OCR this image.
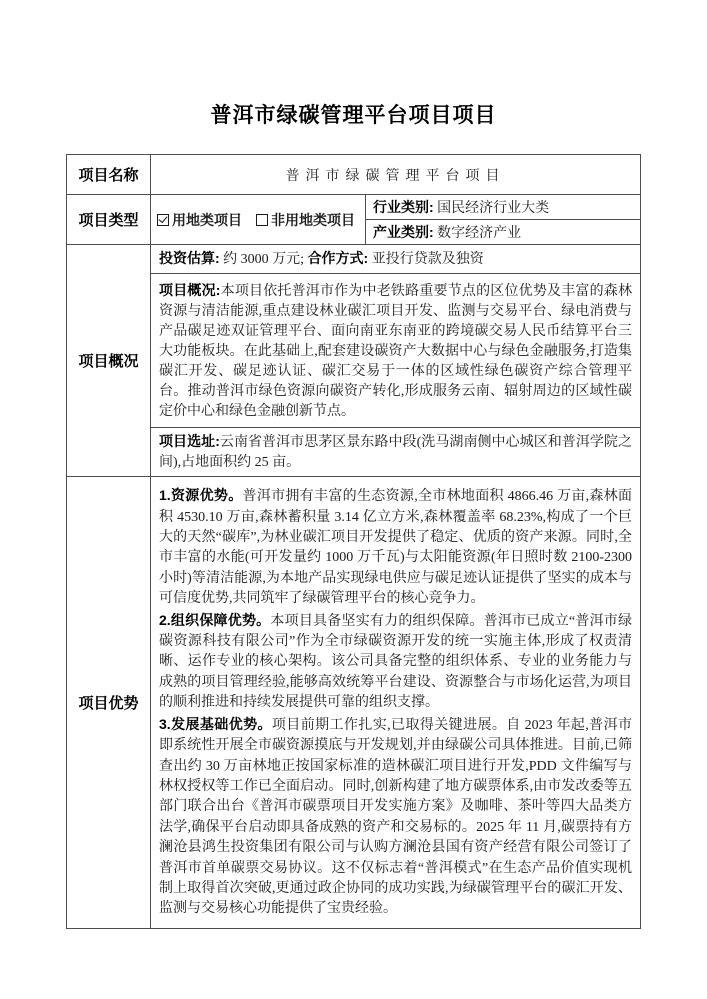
普洱市绿碳管理平台项目项目
项目名称	普洱市绿碳管理平台项目	
项目类型	用地类项目 非用地类项目	行业类别: 国民经济行业大类
		产业类别: 数字经济产业
项目概况	投资估算: 约 3000 万元; 合作方式: 亚投行贷款及独资	
	项目概况:本项目依托普洱市作为中老铁路重要节点的区位优势及丰富的森林资源与清洁能源,重点建设林业碳汇项目开发、监测与交易平台、绿电消费与产品碳足迹双证管理平台、面向南亚东南亚的跨境碳交易人民币结算平台三大功能板块。在此基础上,配套建设碳资产大数据中心与绿色金融服务,打造集碳汇开发、碳足迹认证、碳汇交易于一体的区域性绿色碳资产综合管理平台。推动普洱市绿色资源向碳资产转化,形成服务云南、辐射周边的区域性碳定价中心和绿色金融创新节点。	
	项目选址:云南省普洱市思茅区景东路中段(洗马湖南侧中心城区和普洱学院之间),占地面积约 25 亩。	
项目优势	1.资源优势。普洱市拥有丰富的生态资源,全市林地面积 4866.46 万亩,森林面积 4530.10 万亩,森林蓄积量 3.14 亿立方米,森林覆盖率 68.23%,构成了一个巨大的天然“碳库”,为林业碳汇项目开发提供了稳定、优质的资产来源。同时,全市丰富的水能(可开发量约 1000 万千瓦)与太阳能资源(年日照时数 2100-2300 小时)等清洁能源,为本地产品实现绿电供应与碳足迹认证提供了坚实的成本与可信度优势,共同筑牢了绿碳管理平台的核心竞争力。

2.组织保障优势。本项目具备坚实有力的组织保障。普洱市已成立“普洱市绿碳资源科技有限公司”作为全市绿碳资源开发的统一实施主体,形成了权责清晰、运作专业的核心架构。该公司具备完整的组织体系、专业的业务能力与成熟的项目管理经验,能够高效统筹平台建设、资源整合与市场化运营,为项目的顺利推进和持续发展提供可靠的组织支撑。

3.发展基础优势。项目前期工作扎实,已取得关键进展。自 2023 年起,普洱市即系统性开展全市碳资源摸底与开发规划,并由绿碳公司具体推进。目前,已筛查出约 30 万亩林地正按国家标准的造林碳汇项目进行开发,PDD 文件编写与林权授权等工作已全面启动。同时,创新构建了地方碳票体系,由市发改委等五部门联合出台《普洱市碳票项目开发实施方案》及咖啡、茶叶等四大品类方法学,确保平台启动即具备成熟的资产和交易标的。2025 年 11 月,碳票持有方澜沧县鸿生投资集团有限公司与认购方澜沧县国有资产经营有限公司签订了普洱市首单碳票交易协议。这不仅标志着“普洱模式”在生态产品价值实现机制上取得首次突破,更通过政企协同的成功实践,为绿碳管理平台的碳汇开发、监测与交易核心功能提供了宝贵经验。	
